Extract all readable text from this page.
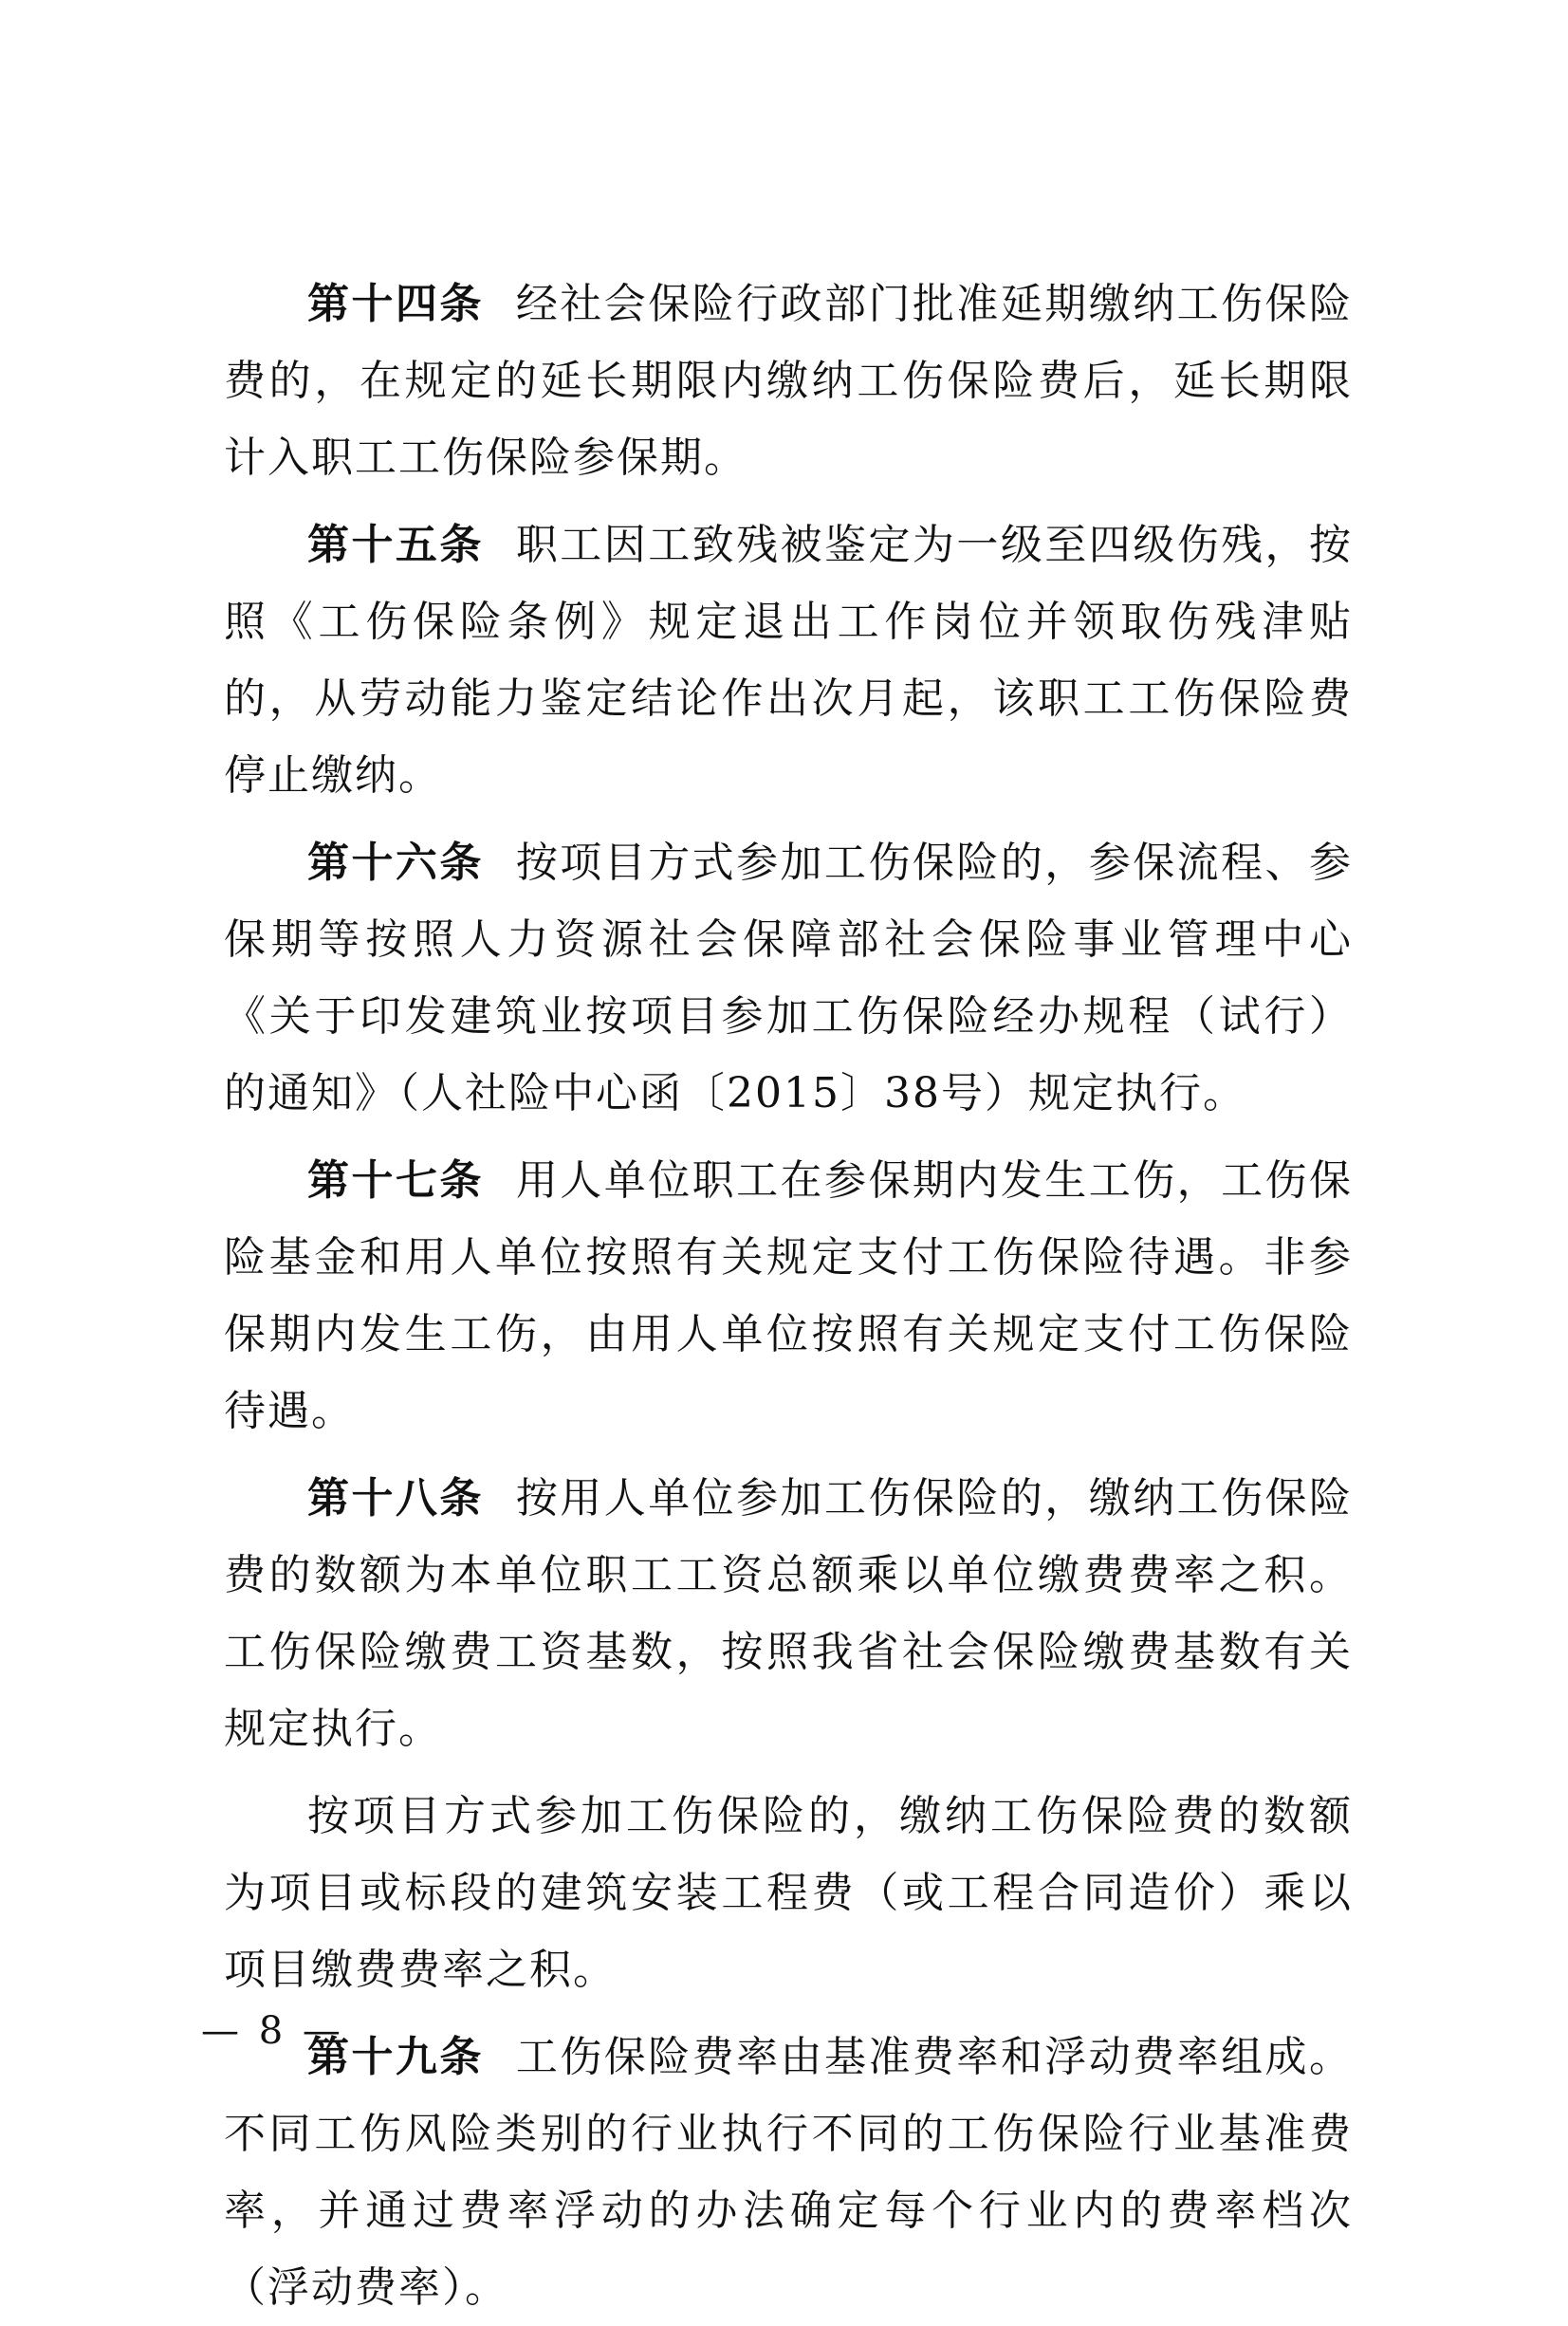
第十四条 经社会保险行政部门批准延期缴纳工伤保险费的，在规定的延长期限内缴纳工伤保险费后，延长期限计入职工工伤保险参保期。

第十五条 职工因工致残被鉴定为一级至四级伤残，按照《工伤保险条例》规定退出工作岗位并领取伤残津贴的，从劳动能力鉴定结论作出次月起，该职工工伤保险费停止缴纳。

第十六条 按项目方式参加工伤保险的，参保流程、参保期等按照人力资源社会保障部社会保险事业管理中心《关于印发建筑业按项目参加工伤保险经办规程（试行）的通知》（人社险中心函〔2015〕38号）规定执行。

第十七条 用人单位职工在参保期内发生工伤，工伤保险基金和用人单位按照有关规定支付工伤保险待遇。非参保期内发生工伤，由用人单位按照有关规定支付工伤保险待遇。

第十八条 按用人单位参加工伤保险的，缴纳工伤保险费的数额为本单位职工工资总额乘以单位缴费费率之积。工伤保险缴费工资基数，按照我省社会保险缴费基数有关规定执行。

按项目方式参加工伤保险的，缴纳工伤保险费的数额为项目或标段的建筑安装工程费（或工程合同造价）乘以项目缴费费率之积。

第十九条 工伤保险费率由基准费率和浮动费率组成。不同工伤风险类别的行业执行不同的工伤保险行业基准费率，并通过费率浮动的办法确定每个行业内的费率档次（浮动费率）。

— 8 —
